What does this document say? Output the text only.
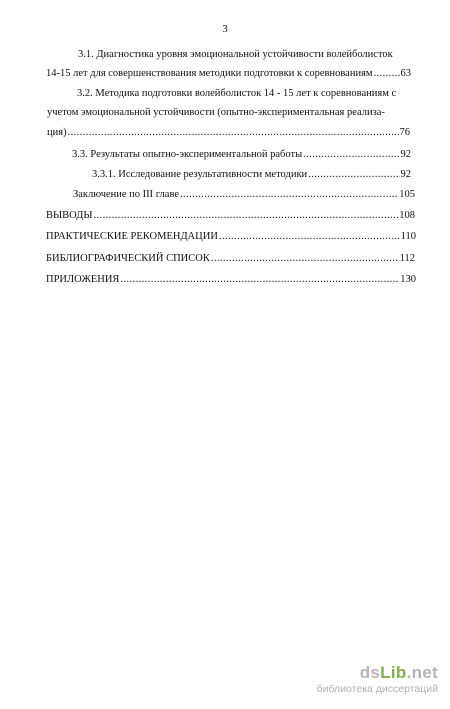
3
3.1. Диагностика уровня эмоциональной устойчивости волейболисток
14-15 лет для совершенствования методики подготовки к соревнованиям .....	63
3.2. Методика подготовки волейболисток 14 - 15 лет к соревнованиям с
учетом эмоциональной устойчивости (опытно-экспериментальная реализа-
ция) .....	76
3.3. Результаты опытно-экспериментальной работы .....	92
3.3.1. Исследование результативности методики .....	92
Заключение по III главе .....	105
ВЫВОДЫ .....	108
ПРАКТИЧЕСКИЕ РЕКОМЕНДАЦИИ .....	110
БИБЛИОГРАФИЧЕСКИЙ СПИСОК .....	112
ПРИЛОЖЕНИЯ .....	130
dsLib.net
библиотека диссертаций
